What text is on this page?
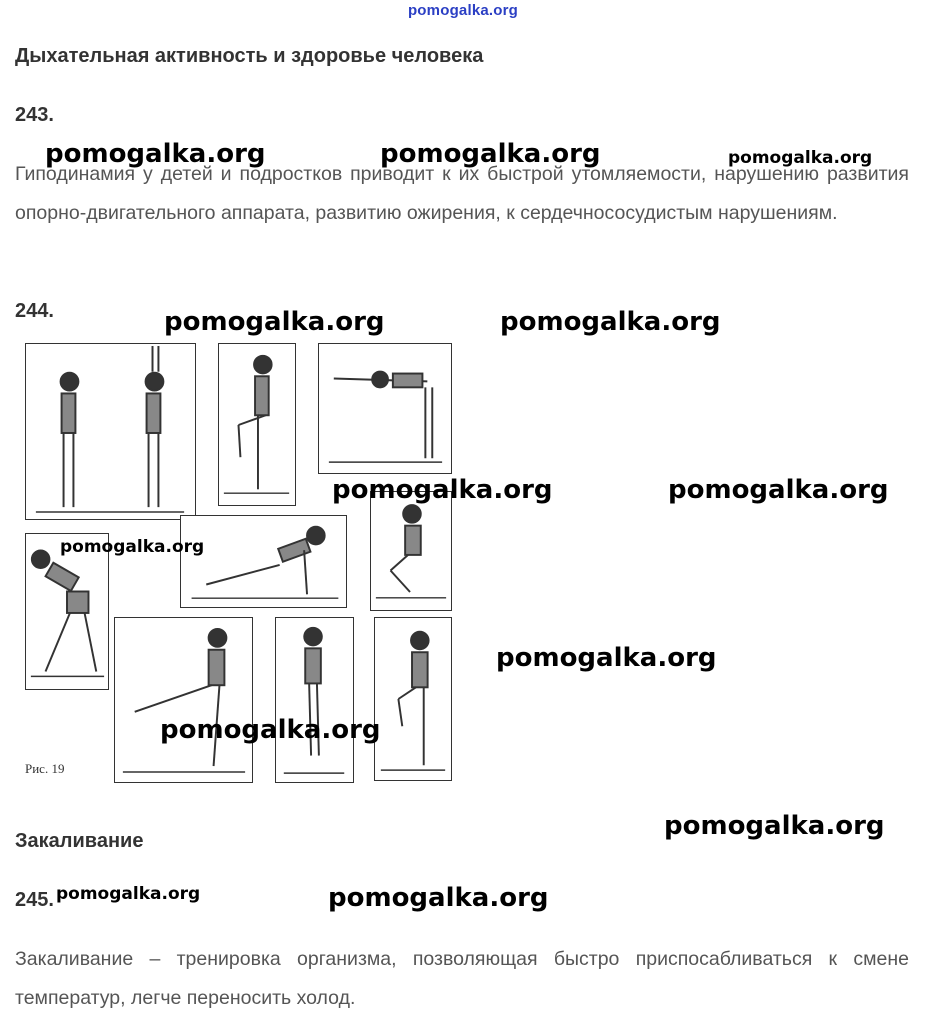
pomogalka.org
Дыхательная активность и здоровье человека
243.
Гиподинамия у детей и подростков приводит к их быстрой утомляемости, нарушению развития опорно-двигательного аппарата, развитию ожирения, к сердечнососудистым нарушениям.
244.
Рис. 19
Закаливание
245.
Закаливание – тренировка организма, позволяющая быстро приспосабливаться к смене температур, легче переносить холод.
pomogalka.org	pomogalka.org	pomogalka.org
pomogalka.org	pomogalka.org
pomogalka.org	pomogalka.org
pomogalka.org
pomogalka.org
pomogalka.org
pomogalka.org
pomogalka.org	pomogalka.org
